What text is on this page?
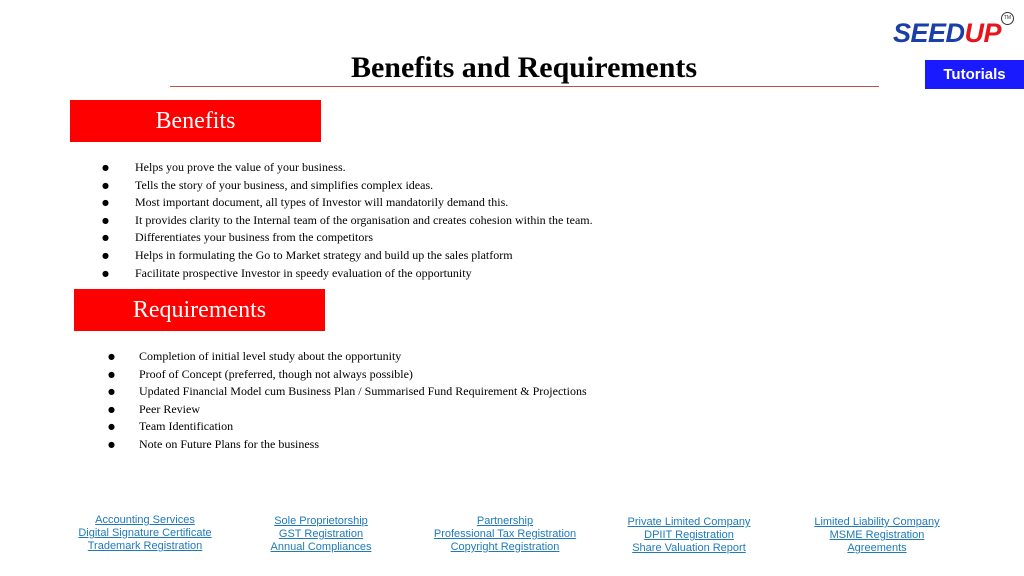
SEEDUP TM
Tutorials
Benefits and Requirements
Benefits
● Helps you prove the value of your business.
● Tells the story of your business, and simplifies complex ideas.
● Most important document, all types of Investor will mandatorily demand this.
● It provides clarity to the Internal team of the organisation and creates cohesion within the team.
● Differentiates your business from the competitors
● Helps in formulating the Go to Market strategy and build up the sales platform
● Facilitate prospective Investor in speedy evaluation of the opportunity
Requirements
● Completion of initial level study about the opportunity
● Proof of Concept (preferred, though not always possible)
● Updated Financial Model cum Business Plan / Summarised Fund Requirement & Projections
● Peer Review
● Team Identification
● Note on Future Plans for the business
Accounting Services
Digital Signature Certificate
Trademark Registration
Sole Proprietorship
GST Registration
Annual Compliances
Partnership
Professional Tax Registration
Copyright Registration
Private Limited Company
DPIIT Registration
Share Valuation Report
Limited Liability Company
MSME Registration
Agreements
